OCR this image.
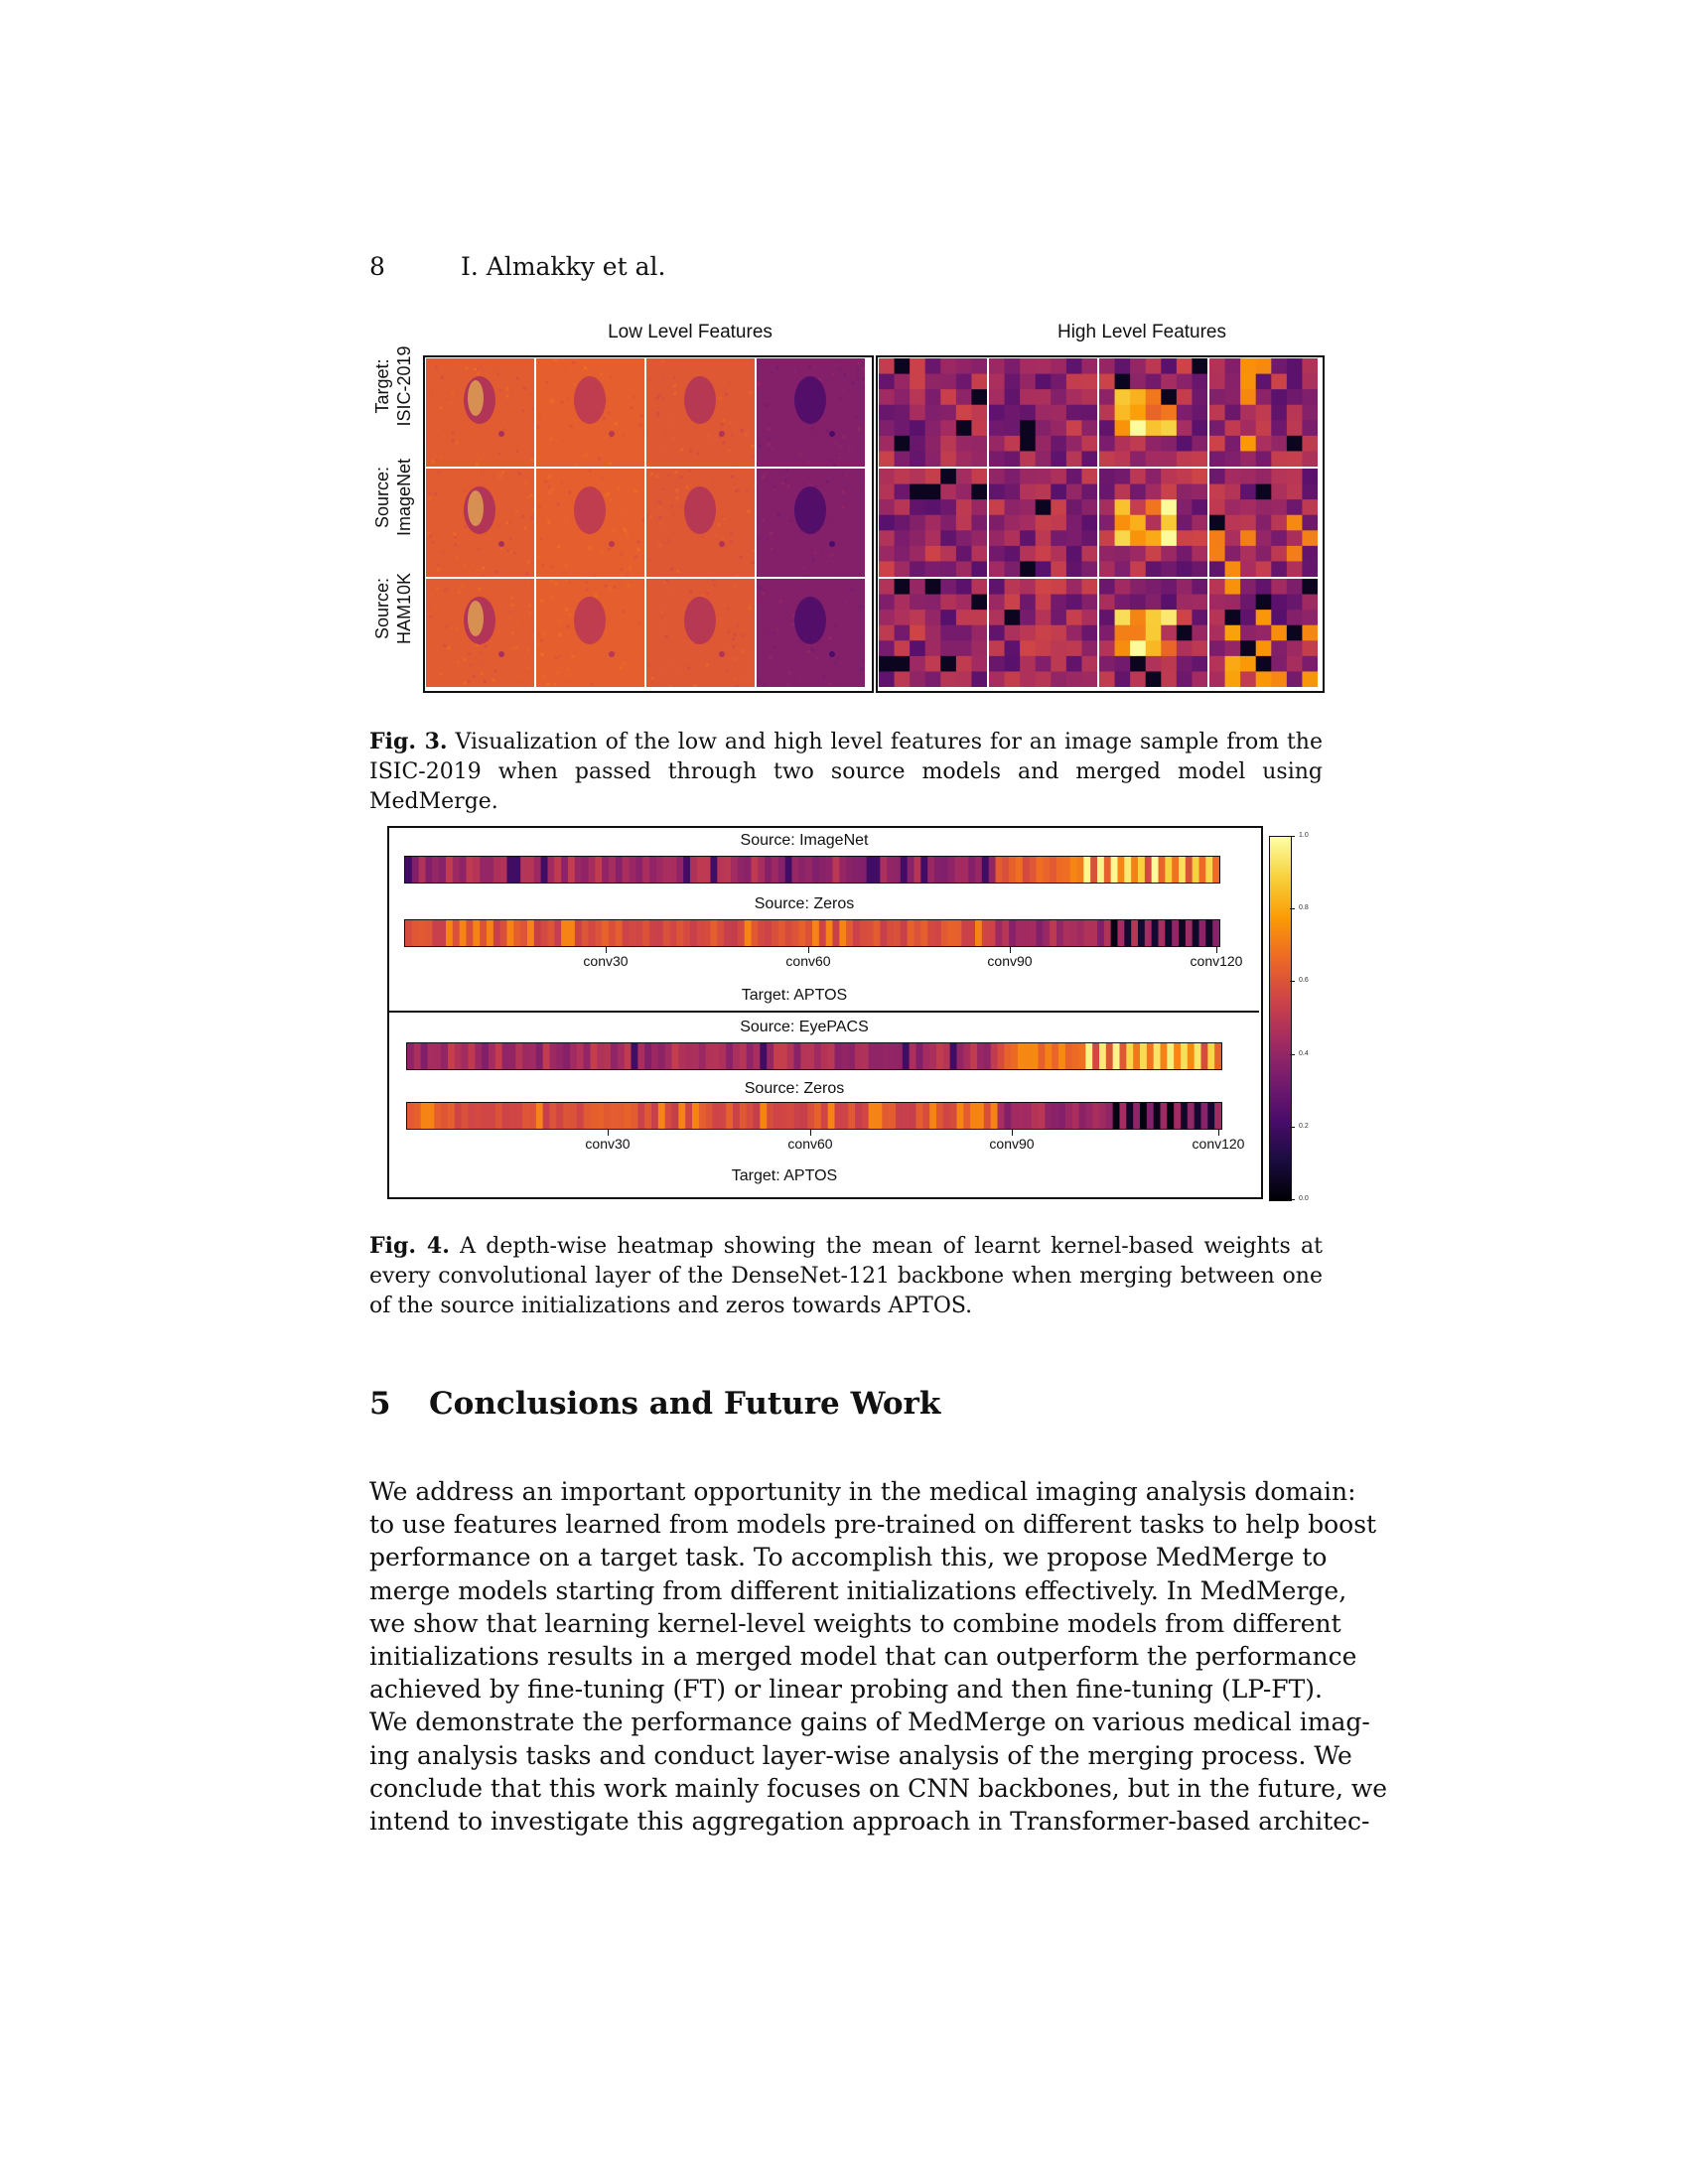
8	I. Almakky et al.
Low Level Features	High Level Features
Target: ISIC-2019
Source: ImageNet
Source: HAM10K
Fig. 3. Visualization of the low and high level features for an image sample from the ISIC-2019 when passed through two source models and merged model using MedMerge.
Source: ImageNet
Source: Zeros
conv30	conv60	conv90	conv120
Target: APTOS
Source: EyePACS
Source: Zeros
conv30	conv60	conv90	conv120
Target: APTOS
0.0
0.2
0.4
0.6
0.8
1.0
Fig. 4. A depth-wise heatmap showing the mean of learnt kernel-based weights at every convolutional layer of the DenseNet-121 backbone when merging between one of the source initializations and zeros towards APTOS.
5 Conclusions and Future Work
We address an important opportunity in the medical imaging analysis domain:
to use features learned from models pre-trained on different tasks to help boost
performance on a target task. To accomplish this, we propose MedMerge to
merge models starting from different initializations effectively. In MedMerge,
we show that learning kernel-level weights to combine models from different
initializations results in a merged model that can outperform the performance
achieved by fine-tuning (FT) or linear probing and then fine-tuning (LP-FT).
We demonstrate the performance gains of MedMerge on various medical imag-
ing analysis tasks and conduct layer-wise analysis of the merging process. We
conclude that this work mainly focuses on CNN backbones, but in the future, we
intend to investigate this aggregation approach in Transformer-based architec-
